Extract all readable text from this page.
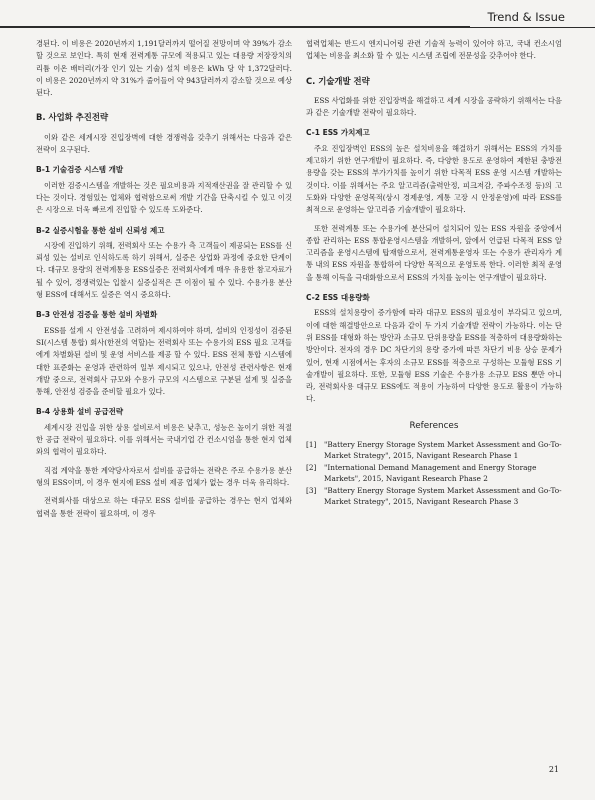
Trend & Issue

경된다. 이 비용은 2020년까지 1,191달러까지 떨어질 전망이며 약 39%가 감소할 것으로 보인다. 특히 현재 전력계통 규모에 적용되고 있는 대용량 저장장치의 리튬 이온 배터리(가장 인기 있는 기술) 설치 비용은 kWh 당 약 1,372달러다. 이 비용은 2020년까지 약 31%가 줄어들어 약 943달러까지 감소할 것으로 예상된다.

B. 사업화 추진전략

이와 같은 세계시장 진입장벽에 대한 경쟁력을 갖추기 위해서는 다음과 같은 전략이 요구된다.

B-1 기술검증 시스템 개발

이러한 검증시스템을 개발하는 것은 필요비용과 지적재산권을 잘 관리할 수 있다는 것이다. 경험있는 업체와 협력함으로써 개발 기간을 단축시킬 수 있고 이것은 시장으로 더욱 빠르게 진입할 수 있도록 도와준다.

B-2 실증시험을 통한 설비 신뢰성 제고

시장에 진입하기 위해, 전력회사 또는 수용가 측 고객들이 제공되는 ESS를 신뢰성 있는 설비로 인식하도록 하기 위해서, 실증은 상업화 과정에 중요한 단계이다. 대규모 용량의 전력계통용 ESS실증은 전력회사에게 매우 유용한 참고자료가 될 수 있어, 경쟁력있는 입찰시 실증실적은 큰 이점이 될 수 있다. 수용가용 분산형 ESS에 대해서도 실증은 역시 중요하다.

B-3 안전성 검증을 통한 설비 차별화

ESS를 설계 시 안전성을 고려하여 제시하여야 하며, 설비의 인정성이 검증된 SI(시스템 통합) 회사(한전의 역할)는 전력회사 또는 수용가의 ESS 필요 고객들에게 차별화된 설비 및 운영 서비스를 제공 할 수 있다. ESS 전체 통합 시스템에 대한 표준화는 운영과 관련하여 일부 제시되고 있으나, 안전성 관련사항은 현재 개발 중으로, 전력회사 규모와 수용가 규모의 시스템으로 구분된 설계 및 실증을 통해, 안전성 검증을 준비할 필요가 있다.

B-4 상용화 설비 공급전략

세계시장 진입을 위한 상용 설비로서 비용은 낮추고, 성능은 높이기 위한 적절한 공급 전략이 필요하다. 이를 위해서는 국내기업 간 컨소시엄을 통한 현지 업체와의 협력이 필요하다.

직접 계약을 통한 계약당사자로서 설비를 공급하는 전략은 주로 수용가용 분산형의 ESS이며, 이 경우 현지에 ESS 설비 제공 업체가 없는 경우 더욱 유리하다.

전력회사를 대상으로 하는 대규모 ESS 설비를 공급하는 경우는 현지 업체와 협력을 통한 전략이 필요하며, 이 경우

협력업체는 반드시 엔지니어링 관련 기술적 능력이 있어야 하고, 국내 컨소시엄 업체는 비용을 최소화 할 수 있는 시스템 조립에 전문성을 갖추어야 한다.

C. 기술개발 전략

ESS 사업화를 위한 진입장벽을 해결하고 세계 시장을 공략하기 위해서는 다음과 같은 기술개발 전략이 필요하다.

C-1 ESS 가치제고

주요 진입장벽인 ESS의 높은 설치비용을 해결하기 위해서는 ESS의 가치를 제고하기 위한 연구개발이 필요하다. 즉, 다양한 용도로 운영하여 제한된 충방전 용량을 갖는 ESS의 부가가치를 높이기 위한 다목적 ESS 운영 시스템 개발하는 것이다. 이를 위해서는 주요 알고리즘(출력안정, 피크저감, 주파수조정 등)의 고도화와 다양한 운영목적(상시 경제운영, 계통 고장 시 안정운영)에 따라 ESS를 최적으로 운영하는 알고리즘 기술개발이 필요하다.

또한 전력계통 또는 수용가에 분산되어 설치되어 있는 ESS 자원을 중앙에서 종합 관리하는 ESS 통합운영시스템을 개발하여, 앞에서 언급된 다목적 ESS 알고리즘을 운영시스템에 탑재함으로서, 전력계통운영자 또는 수용가 관리자가 계통 내의 ESS 자원을 통합하여 다양한 목적으로 운영토록 한다. 이러한 최적 운영을 통해 이득을 극대화함으로서 ESS의 가치를 높이는 연구개발이 필요하다.

C-2 ESS 대용량화

ESS의 설치용량이 증가함에 따라 대규모 ESS의 필요성이 부각되고 있으며, 이에 대한 해결방안으로 다음과 같이 두 가지 기술개발 전략이 가능하다. 이는 단위 ESS를 대형화 하는 방안과 소규모 단위용량을 ESS를 적층하여 대용량화하는 방안이다. 전자의 경우 DC 차단기의 용량 증가에 따른 차단기 비용 상승 문제가 있어, 현재 시점에서는 후자의 소규모 ESS를 적층으로 구성하는 모듈형 ESS 기술개발이 필요하다. 또한, 모듈형 ESS 기술은 수용가용 소규모 ESS 뿐만 아니라, 전력회사용 대규모 ESS에도 적용이 가능하여 다양한 용도로 활용이 가능하다.

References
[1] "Battery Energy Storage System Market Assessment and Go-To-Market Strategy", 2015, Navigant Research Phase 1
[2] "International Demand Management and Energy Storage Markets", 2015, Navigant Research Phase 2
[3] "Battery Energy Storage System Market Assessment and Go-To-Market Strategy", 2015, Navigant Research Phase 3
21
